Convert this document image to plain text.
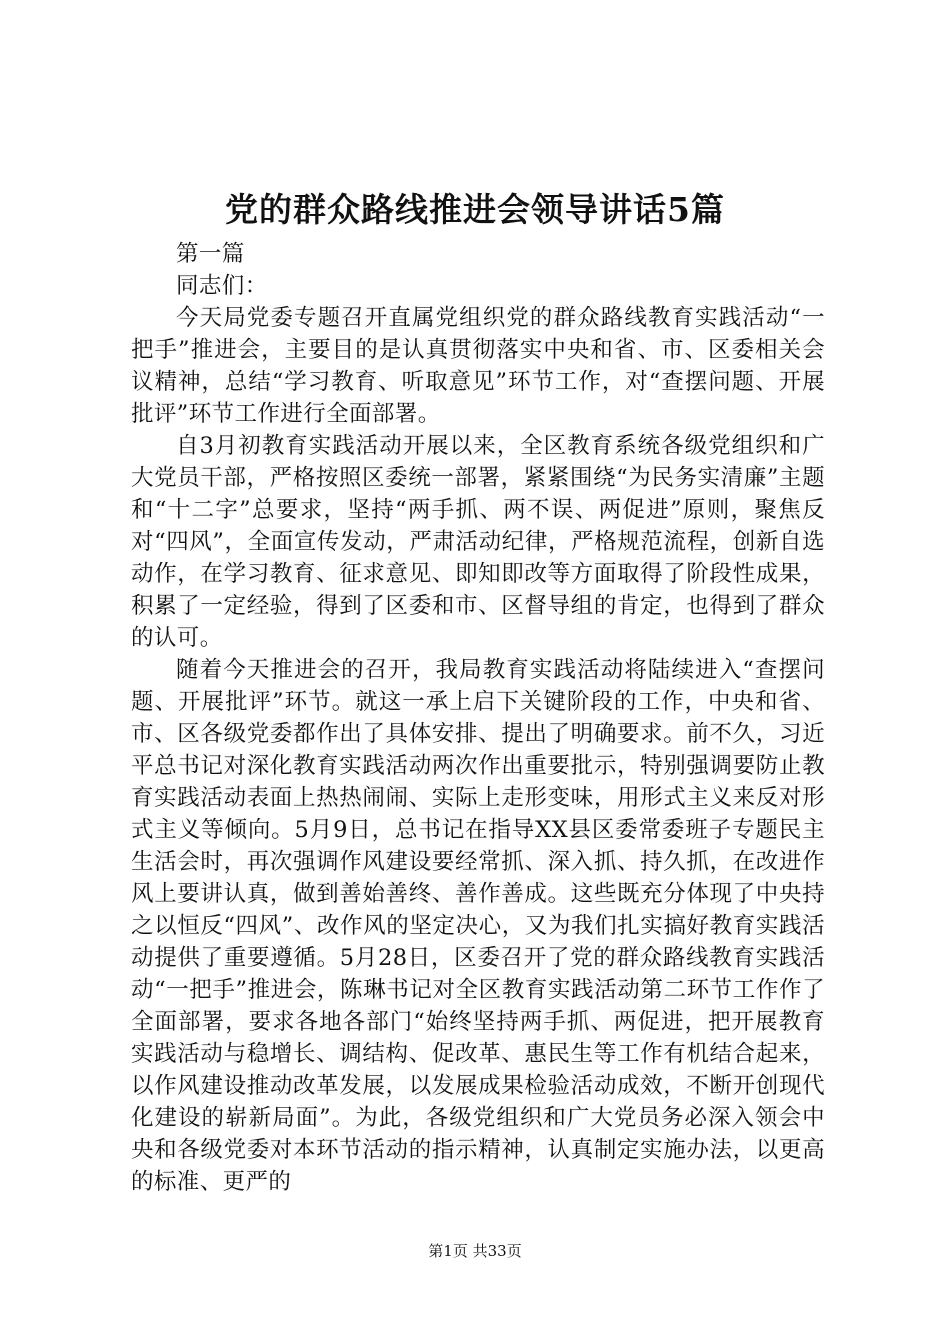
党的群众路线推进会领导讲话5篇

第一篇

同志们：

今天局党委专题召开直属党组织党的群众路线教育实践活动“一把手”推进会，主要目的是认真贯彻落实中央和省、市、区委相关会议精神，总结“学习教育、听取意见”环节工作，对“查摆问题、开展批评”环节工作进行全面部署。

自3月初教育实践活动开展以来，全区教育系统各级党组织和广大党员干部，严格按照区委统一部署，紧紧围绕“为民务实清廉”主题和“十二字”总要求，坚持“两手抓、两不误、两促进”原则，聚焦反对“四风”，全面宣传发动，严肃活动纪律，严格规范流程，创新自选动作，在学习教育、征求意见、即知即改等方面取得了阶段性成果，积累了一定经验，得到了区委和市、区督导组的肯定，也得到了群众的认可。

随着今天推进会的召开，我局教育实践活动将陆续进入“查摆问题、开展批评”环节。就这一承上启下关键阶段的工作，中央和省、市、区各级党委都作出了具体安排、提出了明确要求。前不久，习近平总书记对深化教育实践活动两次作出重要批示，特别强调要防止教育实践活动表面上热热闹闹、实际上走形变味，用形式主义来反对形式主义等倾向。5月9日，总书记在指导XX县区委常委班子专题民主生活会时，再次强调作风建设要经常抓、深入抓、持久抓，在改进作风上要讲认真，做到善始善终、善作善成。这些既充分体现了中央持之以恒反“四风”、改作风的坚定决心，又为我们扎实搞好教育实践活动提供了重要遵循。5月28日，区委召开了党的群众路线教育实践活动“一把手”推进会，陈琳书记对全区教育实践活动第二环节工作作了全面部署，要求各地各部门“始终坚持两手抓、两促进，把开展教育实践活动与稳增长、调结构、促改革、惠民生等工作有机结合起来，以作风建设推动改革发展，以发展成果检验活动成效，不断开创现代化建设的崭新局面”。为此，各级党组织和广大党员务必深入领会中央和各级党委对本环节活动的指示精神，认真制定实施办法，以更高的标准、更严的

第1页 共33页
